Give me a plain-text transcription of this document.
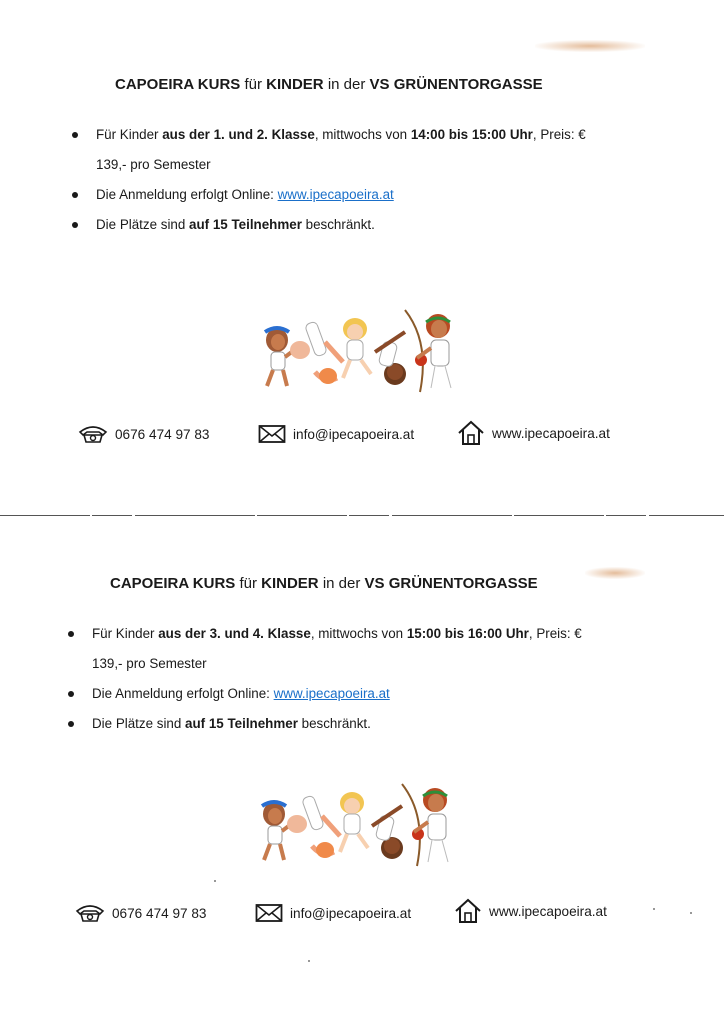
CAPOEIRA KURS für KINDER in der VS GRÜNENTORGASSE
Für Kinder aus der 1. und 2. Klasse, mittwochs von 14:00 bis 15:00 Uhr, Preis: €
139,- pro Semester
Die Anmeldung erfolgt Online: www.ipecapoeira.at
Die Plätze sind auf 15 Teilnehmer beschränkt.
0676 474 97 83	info@ipecapoeira.at	www.ipecapoeira.at
CAPOEIRA KURS für KINDER in der VS GRÜNENTORGASSE
Für Kinder aus der 3. und 4. Klasse, mittwochs von 15:00 bis 16:00 Uhr, Preis: €
139,- pro Semester
Die Anmeldung erfolgt Online: www.ipecapoeira.at
Die Plätze sind auf 15 Teilnehmer beschränkt.
0676 474 97 83	info@ipecapoeira.at	www.ipecapoeira.at
